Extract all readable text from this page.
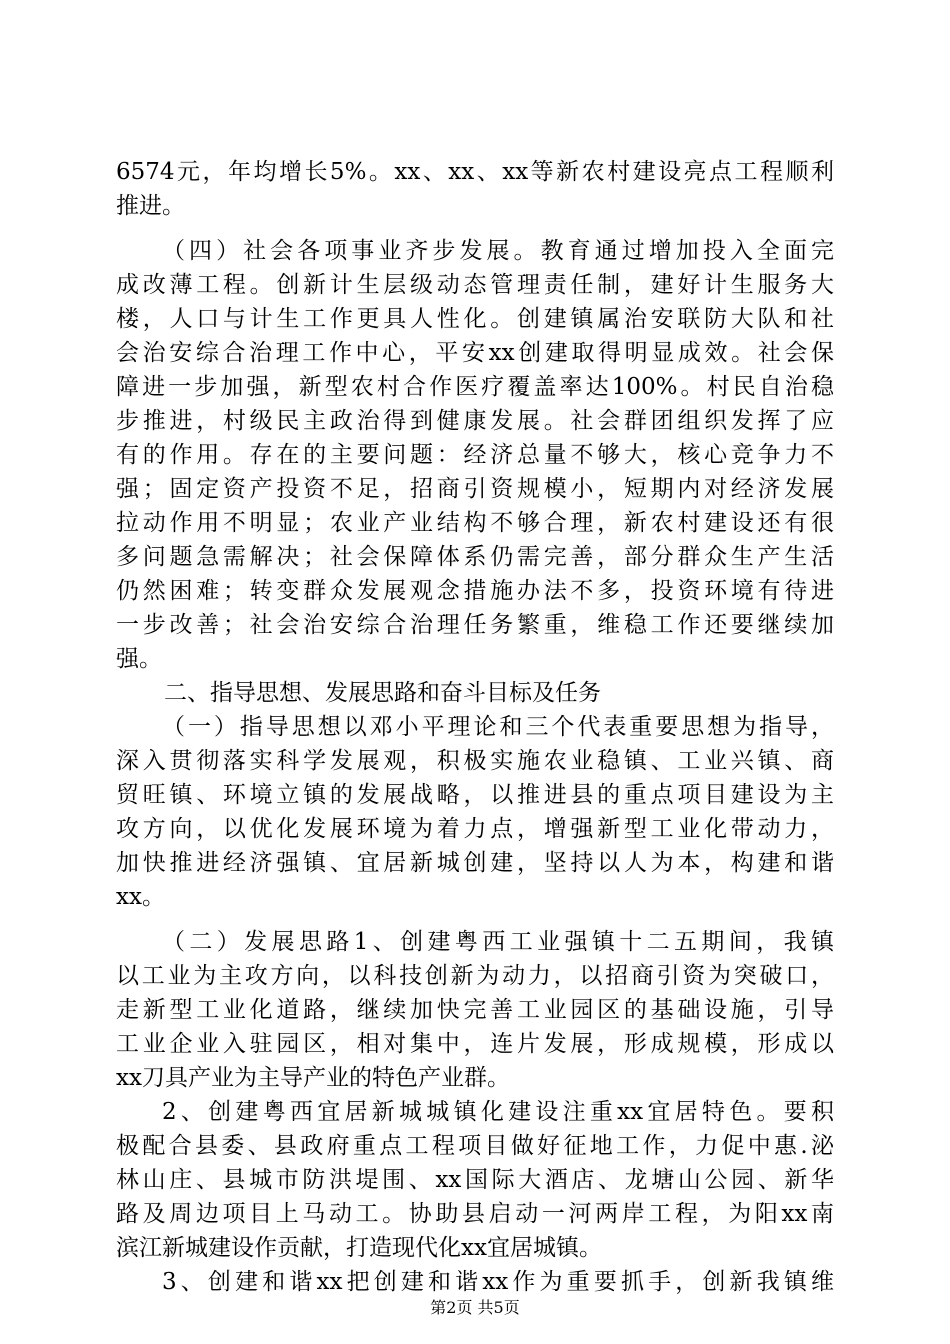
6574元，年均增长5%。xx、xx、xx等新农村建设亮点工程顺利
推进。
（四）社会各项事业齐步发展。教育通过增加投入全面完
成改薄工程。创新计生层级动态管理责任制，建好计生服务大
楼，人口与计生工作更具人性化。创建镇属治安联防大队和社
会治安综合治理工作中心，平安xx创建取得明显成效。社会保
障进一步加强，新型农村合作医疗覆盖率达100%。村民自治稳
步推进，村级民主政治得到健康发展。社会群团组织发挥了应
有的作用。存在的主要问题：经济总量不够大，核心竞争力不
强；固定资产投资不足，招商引资规模小，短期内对经济发展
拉动作用不明显；农业产业结构不够合理，新农村建设还有很
多问题急需解决；社会保障体系仍需完善，部分群众生产生活
仍然困难；转变群众发展观念措施办法不多，投资环境有待进
一步改善；社会治安综合治理任务繁重，维稳工作还要继续加
强。
二、指导思想、发展思路和奋斗目标及任务
（一）指导思想以邓小平理论和三个代表重要思想为指导，
深入贯彻落实科学发展观，积极实施农业稳镇、工业兴镇、商
贸旺镇、环境立镇的发展战略，以推进县的重点项目建设为主
攻方向，以优化发展环境为着力点，增强新型工业化带动力，
加快推进经济强镇、宜居新城创建，坚持以人为本，构建和谐
xx。
（二）发展思路1、创建粤西工业强镇十二五期间，我镇
以工业为主攻方向，以科技创新为动力，以招商引资为突破口，
走新型工业化道路，继续加快完善工业园区的基础设施，引导
工业企业入驻园区，相对集中，连片发展，形成规模，形成以
xx刀具产业为主导产业的特色产业群。
2、创建粤西宜居新城城镇化建设注重xx宜居特色。要积
极配合县委、县政府重点工程项目做好征地工作，力促中惠.泌
林山庄、县城市防洪堤围、xx国际大酒店、龙塘山公园、新华
路及周边项目上马动工。协助县启动一河两岸工程，为阳xx南
滨江新城建设作贡献，打造现代化xx宜居城镇。
3、创建和谐xx把创建和谐xx作为重要抓手，创新我镇维
第2页 共5页
